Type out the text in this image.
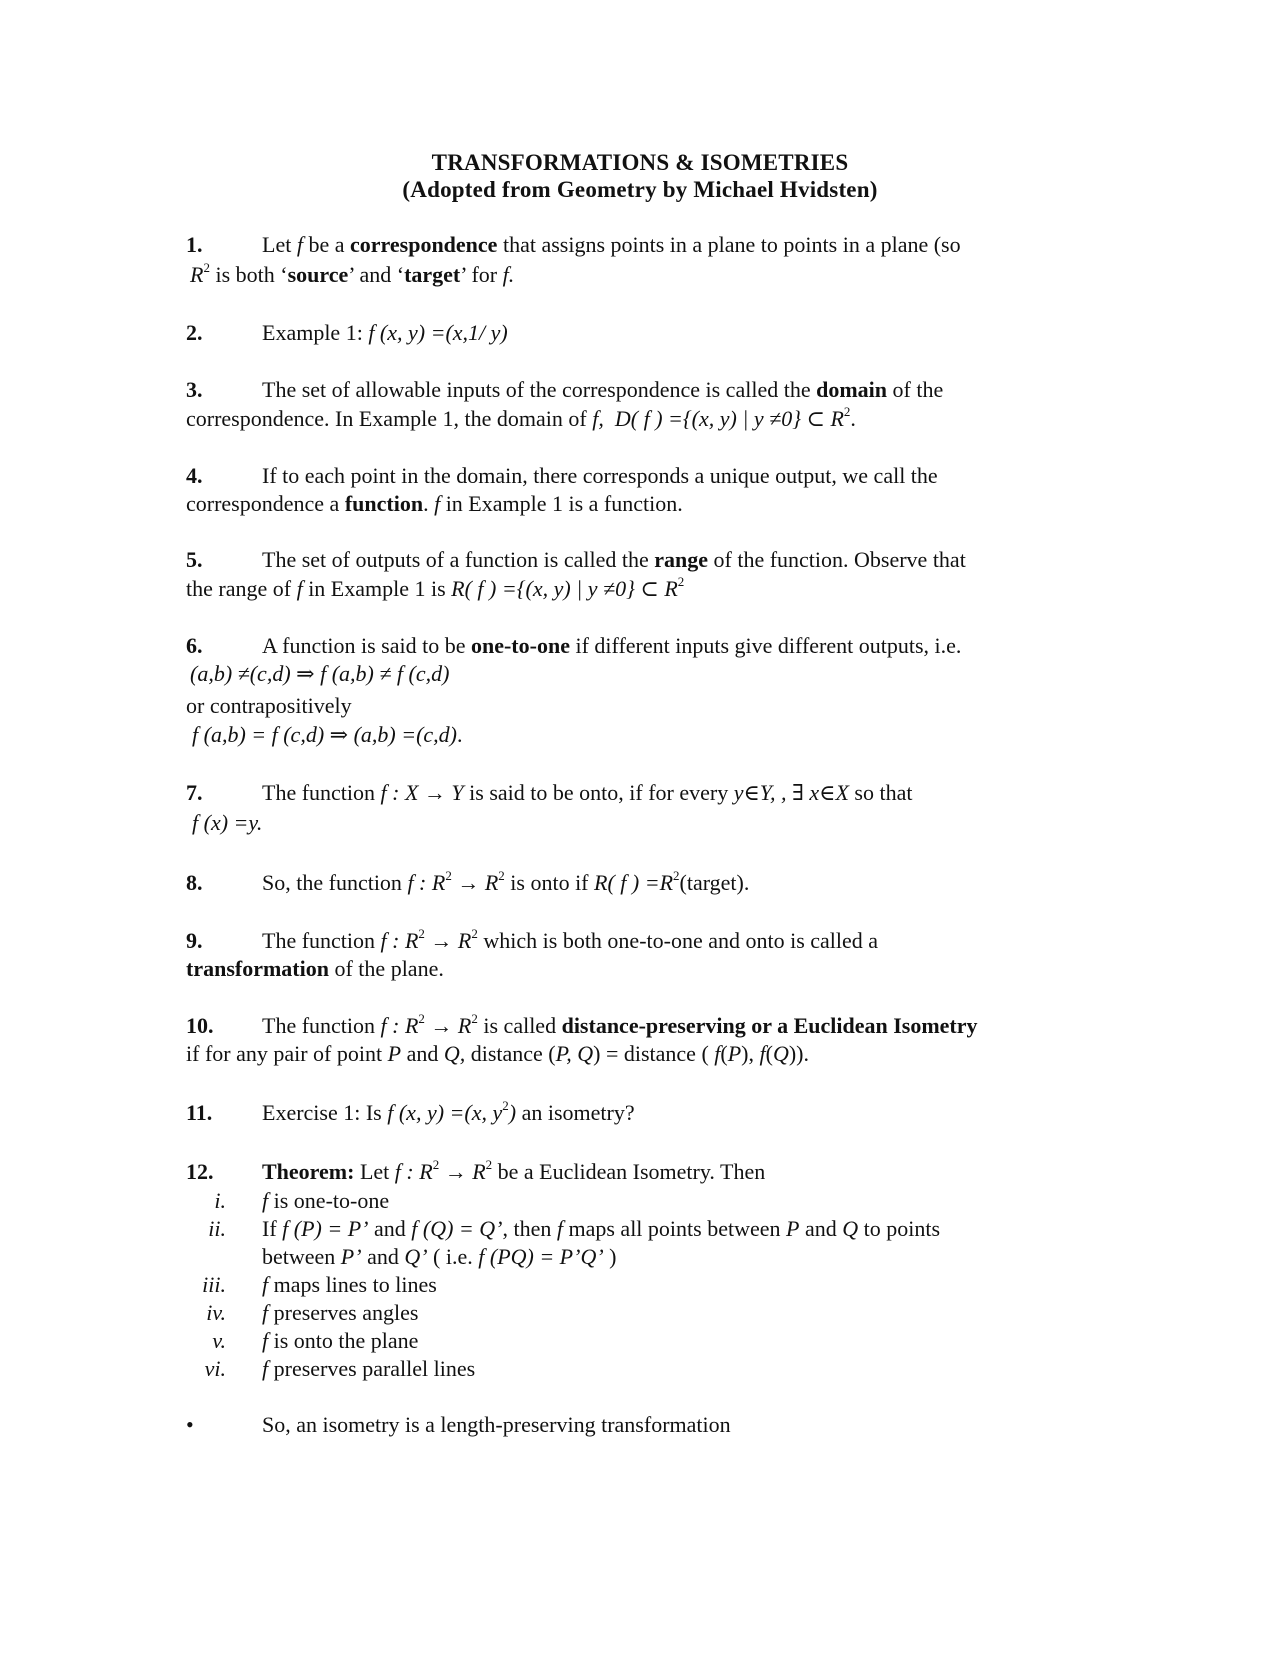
TRANSFORMATIONS & ISOMETRIES
(Adopted from Geometry by Michael Hvidsten)
1.	Let f be a correspondence that assigns points in a plane to points in a plane (so
$R^2$ is both ‘source’ and ‘target’ for f.
2.	Example 1: f (x, y) =(x,1/ y)
3.	The set of allowable inputs of the correspondence is called the domain of the
correspondence. In Example 1, the domain of f, D( f ) ={(x, y) | y ≠0} ⊂ $R^2$.
4.	If to each point in the domain, there corresponds a unique output, we call the
correspondence a function. f in Example 1 is a function.
5.	The set of outputs of a function is called the range of the function. Observe that
the range of f in Example 1 is R( f ) ={(x, y) | y ≠0} ⊂ $R^2$
6.	A function is said to be one-to-one if different inputs give different outputs, i.e.
(a,b) ≠(c,d) ⇒ f (a,b) ≠ f (c,d)
or contrapositively
f (a,b) = f (c,d) ⇒ (a,b) =(c,d).
7.	The function f : X → Y is said to be onto, if for every y∈Y, , ∃ x∈X so that
f (x) =y.
8.	So, the function f : $R^2 \to R^2$ is onto if R( f ) $=R^2(target)$.
9.	The function f : $R^2 \to R^2$ which is both one-to-one and onto is called a
transformation of the plane.
10. The function f : $R^2 \to R^2$ is called distance-preserving or a Euclidean Isometry
if for any pair of point P and Q, distance (P, Q) = distance ( f(P), f(Q)).
11. Exercise 1: Is f (x, y) =(x, $y^2$) an isometry?
12. Theorem: Let f : $R^2 \to R^2$ be a Euclidean Isometry. Then
i. f is one-to-one
ii. If f (P) = P’ and f (Q) = Q’, then f maps all points between P and Q to points
between P’ and Q’ ( i.e. f (PQ) = P’Q’ )
iii. f maps lines to lines
iv. f preserves angles
v. f is onto the plane
vi. f preserves parallel lines
•	So, an isometry is a length-preserving transformation
